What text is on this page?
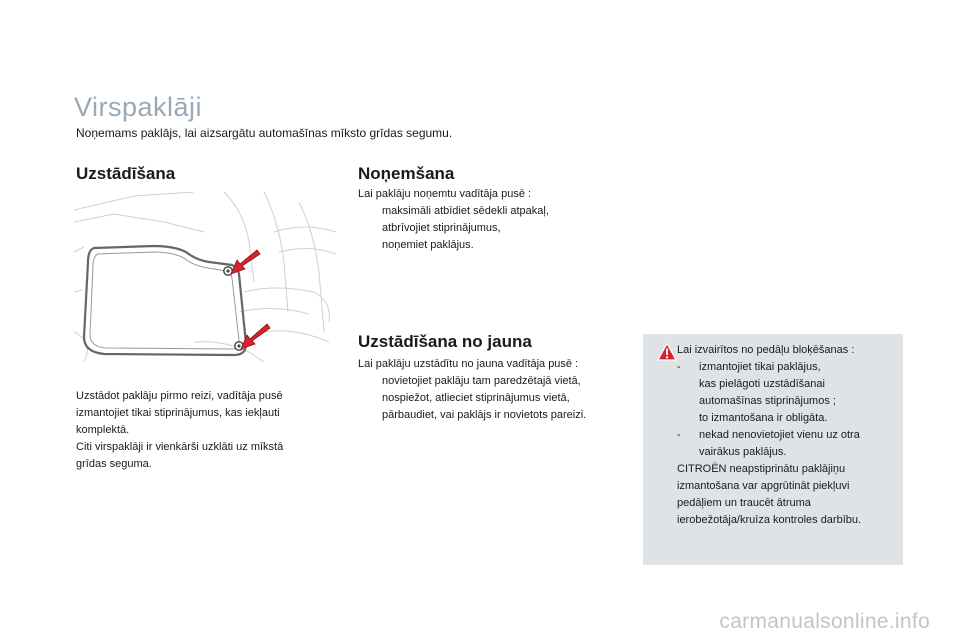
Virspaklāji
Noņemams paklājs, lai aizsargātu automašīnas mīksto grīdas segumu.
Uzstādīšana	Noņemšana
Uzstādīšana no jauna
Uzstādot paklāju pirmo reizi, vadītāja pusē
izmantojiet tikai stiprinājumus, kas iekļauti
komplektā.
Citi virspaklāji ir vienkārši uzklāti uz mīkstā
grīdas seguma.
Lai paklāju noņemtu vadītāja pusē :
maksimāli atbīdiet sēdekli atpakaļ,
atbrīvojiet stiprinājumus,
noņemiet paklājus.
Lai paklāju uzstādītu no jauna vadītāja pusē :
novietojiet paklāju tam paredzētajā vietā,
nospiežot, atlieciet stiprinājumus vietā,
pārbaudiet, vai paklājs ir novietots pareizi.
Lai izvairītos no pedāļu bloķēšanas :
- izmantojiet tikai paklājus,
kas pielāgoti uzstādīšanai
automašīnas stiprinājumos ;
to izmantošana ir obligāta.
- nekad nenovietojiet vienu uz otra
vairākus paklājus.
CITROËN neapstiprinātu paklājiņu
izmantošana var apgrūtināt piekļuvi
pedāļiem un traucēt ātruma
ierobežotāja/kruīza kontroles darbību.
carmanualsonline.info
